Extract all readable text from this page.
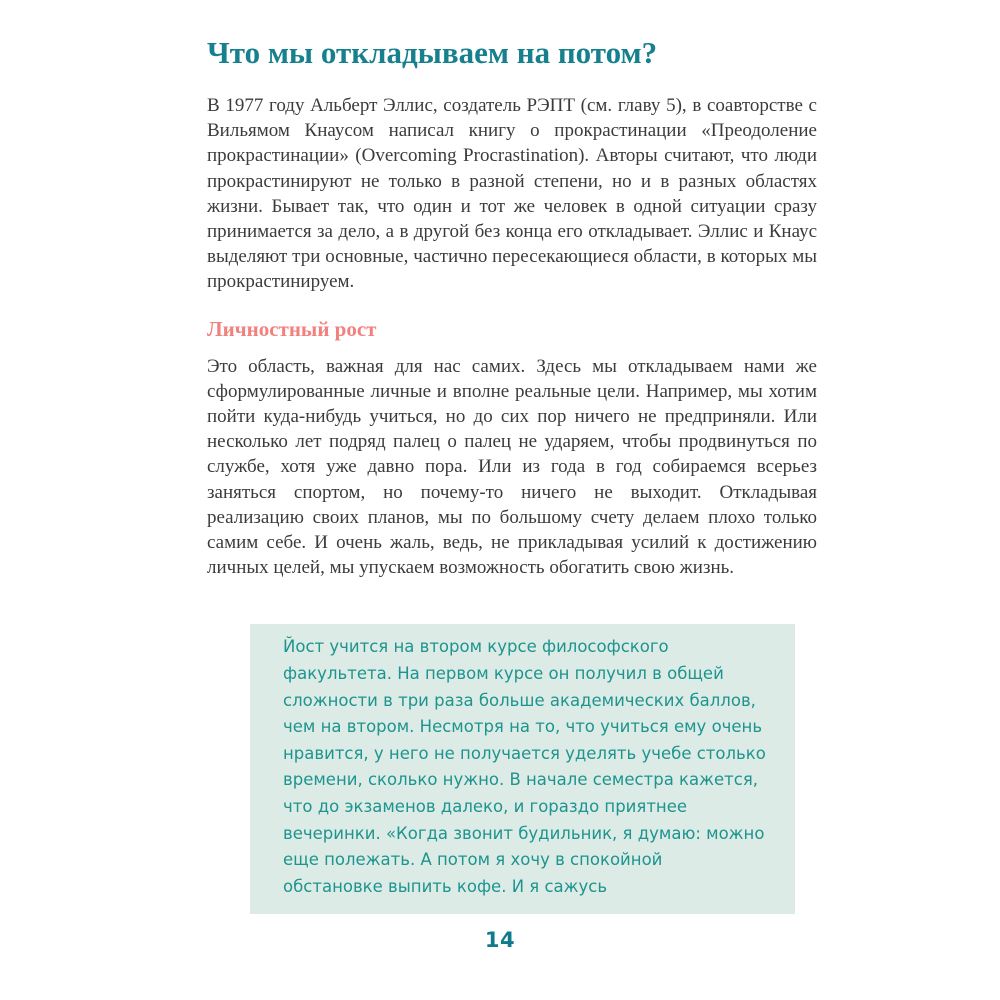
Что мы откладываем на потом?

В 1977 году Альберт Эллис, создатель РЭПТ (см. главу 5), в соавторстве с Вильямом Кнаусом написал книгу о прокрастинации «Преодоление прокрастинации» (Overcoming Procrastination). Авторы считают, что люди прокрастинируют не только в разной степени, но и в разных областях жизни. Бывает так, что один и тот же человек в одной ситуации сразу принимается за дело, а в другой без конца его откладывает. Эллис и Кнаус выделяют три основные, частично пересекающиеся области, в которых мы прокрастинируем.

Личностный рост

Это область, важная для нас самих. Здесь мы откладываем нами же сформулированные личные и вполне реальные цели. Например, мы хотим пойти куда-нибудь учиться, но до сих пор ничего не предприняли. Или несколько лет подряд палец о палец не ударяем, чтобы продвинуться по службе, хотя уже давно пора. Или из года в год собираемся всерьез заняться спортом, но почему-то ничего не выходит. Откладывая реализацию своих планов, мы по большому счету делаем плохо только самим себе. И очень жаль, ведь, не прикладывая усилий к достижению личных целей, мы упускаем возможность обогатить свою жизнь.

Йост учится на втором курсе философского факультета. На первом курсе он получил в общей сложности в три раза больше академических баллов, чем на втором. Несмотря на то, что учиться ему очень нравится, у него не получается уделять учебе столько времени, сколько нужно. В начале семестра кажется, что до экзаменов далеко, и гораздо приятнее вечеринки. «Когда звонит будильник, я думаю: можно еще полежать. А потом я хочу в спокойной обстановке выпить кофе. И я сажусь

14
